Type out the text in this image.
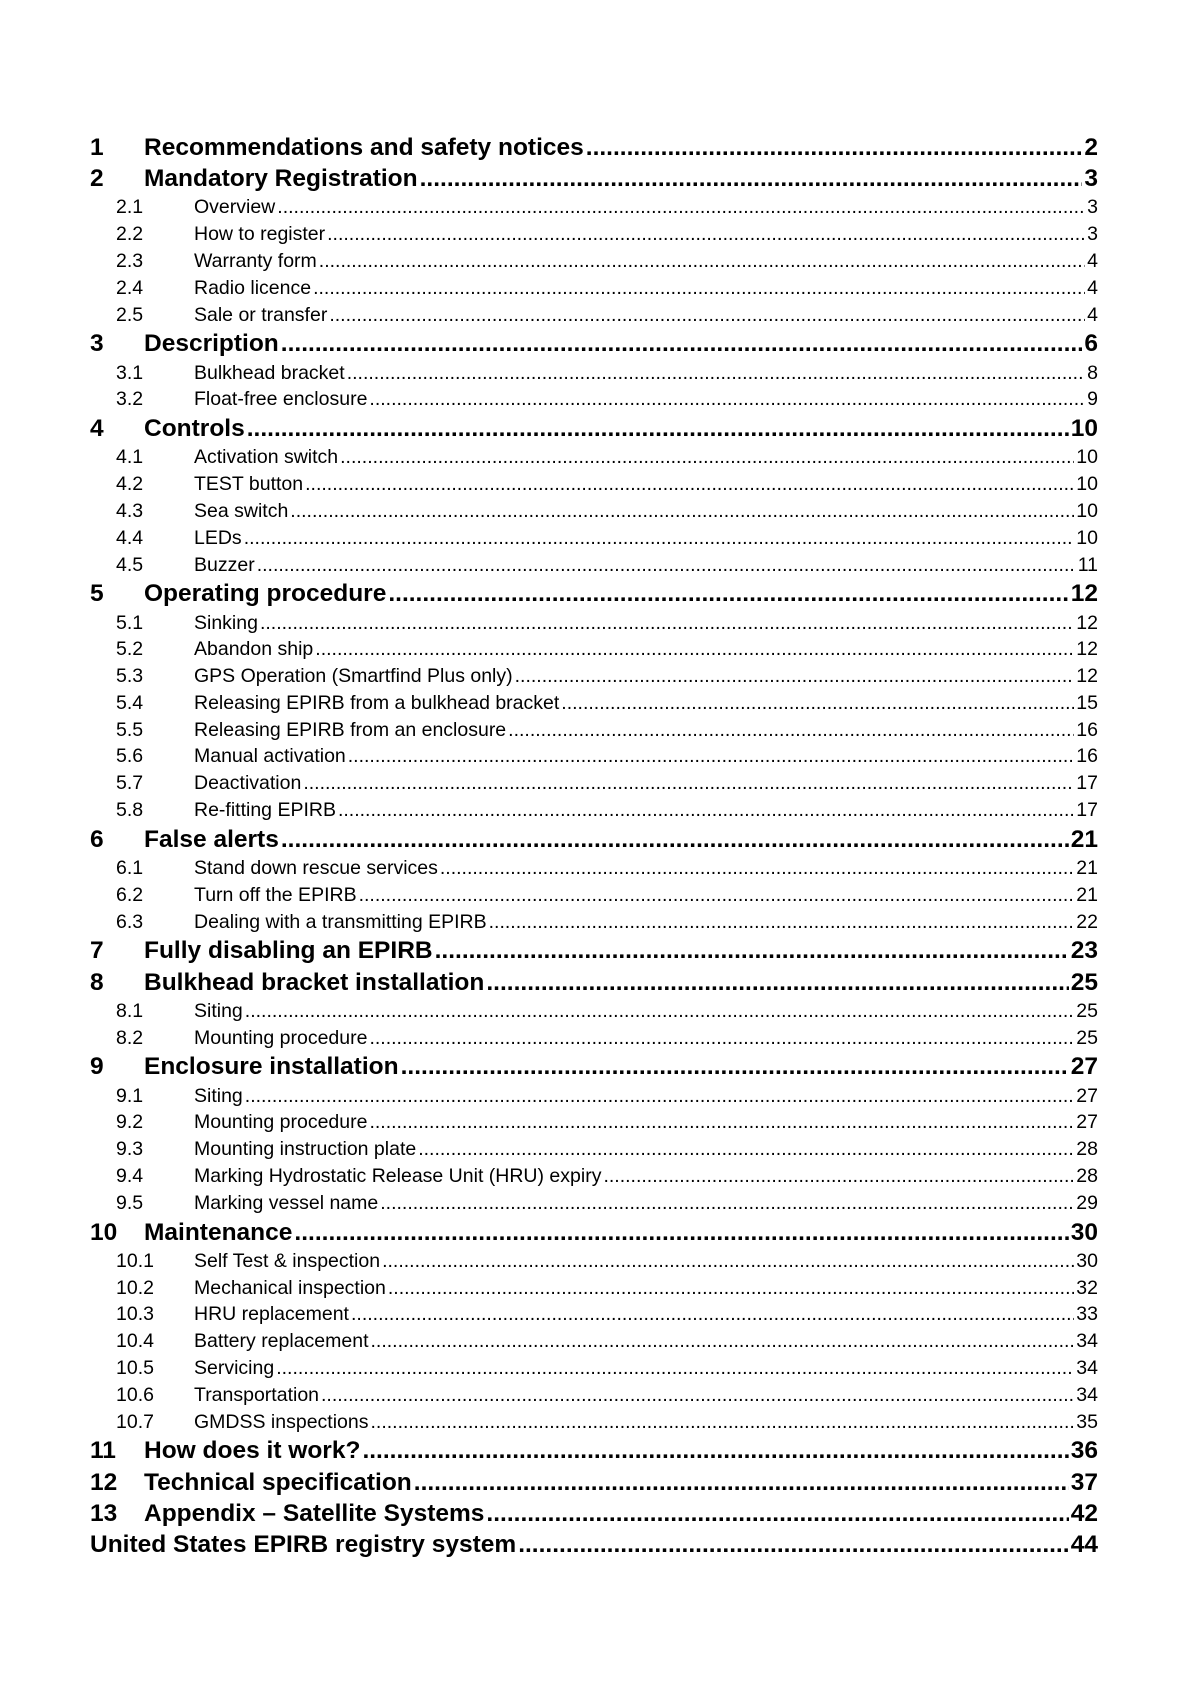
1	Recommendations and safety notices .....	2
2	Mandatory Registration .....	3
2.1	Overview .....	3
2.2	How to register .....	3
2.3	Warranty form .....	4
2.4	Radio licence .....	4
2.5	Sale or transfer .....	4
3	Description .....	6
3.1	Bulkhead bracket .....	8
3.2	Float-free enclosure .....	9
4	Controls .....	10
4.1	Activation switch .....	10
4.2	TEST button .....	10
4.3	Sea switch .....	10
4.4	LEDs .....	10
4.5	Buzzer .....	11
5	Operating procedure .....	12
5.1	Sinking .....	12
5.2	Abandon ship .....	12
5.3	GPS Operation (Smartfind Plus only) .....	12
5.4	Releasing EPIRB from a bulkhead bracket .....	15
5.5	Releasing EPIRB from an enclosure .....	16
5.6	Manual activation .....	16
5.7	Deactivation .....	17
5.8	Re-fitting EPIRB .....	17
6	False alerts .....	21
6.1	Stand down rescue services .....	21
6.2	Turn off the EPIRB .....	21
6.3	Dealing with a transmitting EPIRB .....	22
7	Fully disabling an EPIRB .....	23
8	Bulkhead bracket installation .....	25
8.1	Siting .....	25
8.2	Mounting procedure .....	25
9	Enclosure installation .....	27
9.1	Siting .....	27
9.2	Mounting procedure .....	27
9.3	Mounting instruction plate .....	28
9.4	Marking Hydrostatic Release Unit (HRU) expiry .....	28
9.5	Marking vessel name .....	29
10	Maintenance .....	30
10.1	Self Test & inspection .....	30
10.2	Mechanical inspection .....	32
10.3	HRU replacement .....	33
10.4	Battery replacement .....	34
10.5	Servicing .....	34
10.6	Transportation .....	34
10.7	GMDSS inspections .....	35
11	How does it work? .....	36
12	Technical specification .....	37
13	Appendix – Satellite Systems .....	42
United States EPIRB registry system .....	44
